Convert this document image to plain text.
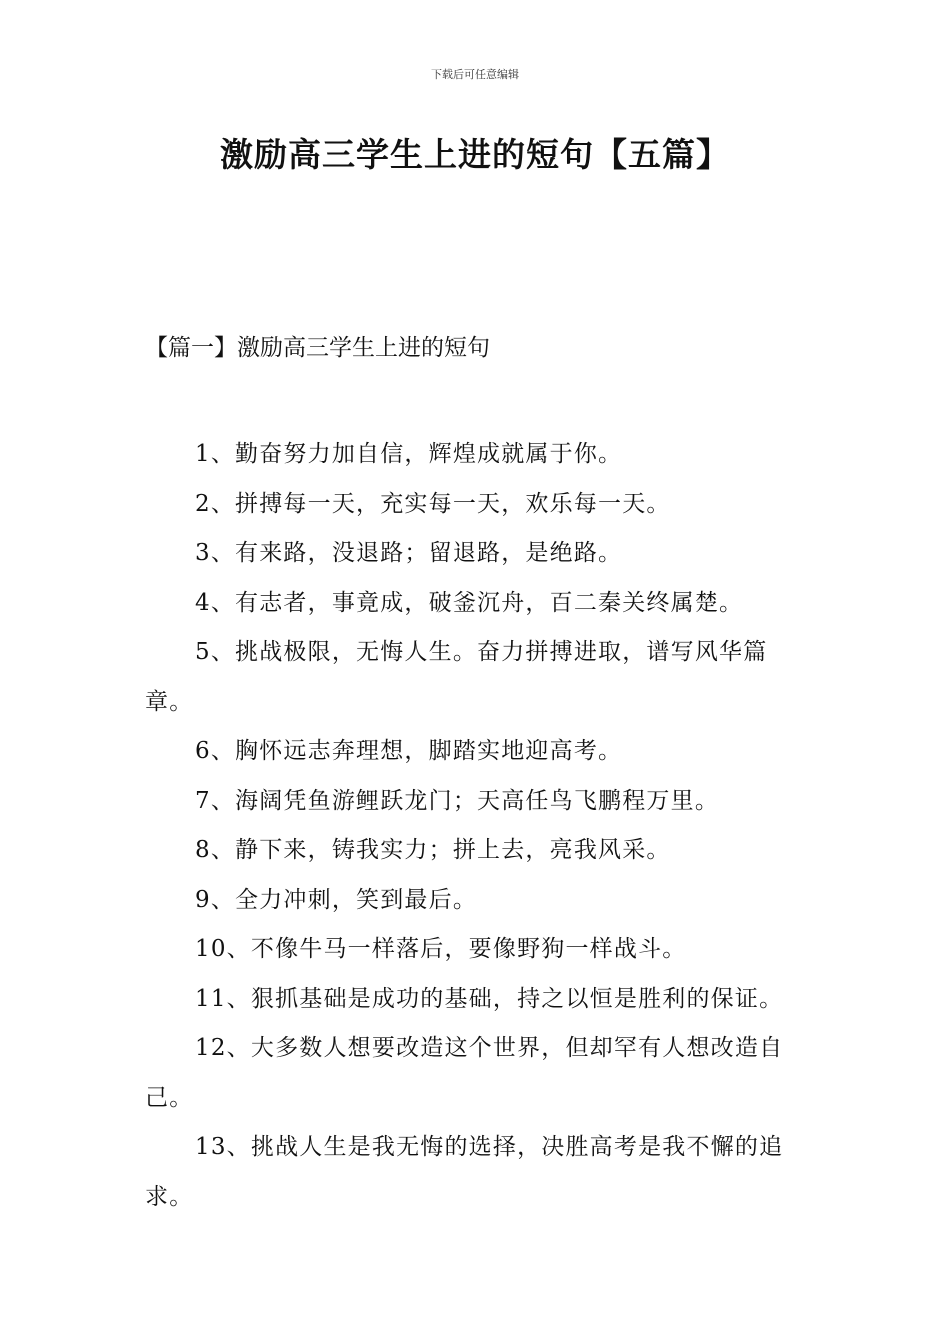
下载后可任意编辑
激励高三学生上进的短句【五篇】
【篇一】激励高三学生上进的短句
1、勤奋努力加自信，辉煌成就属于你。
2、拼搏每一天，充实每一天，欢乐每一天。
3、有来路，没退路；留退路，是绝路。
4、有志者，事竟成，破釜沉舟，百二秦关终属楚。
5、挑战极限，无悔人生。奋力拼搏进取，谱写风华篇章。
6、胸怀远志奔理想，脚踏实地迎高考。
7、海阔凭鱼游鲤跃龙门；天高任鸟飞鹏程万里。
8、静下来，铸我实力；拼上去，亮我风采。
9、全力冲刺，笑到最后。
10、不像牛马一样落后，要像野狗一样战斗。
11、狠抓基础是成功的基础，持之以恒是胜利的保证。
12、大多数人想要改造这个世界，但却罕有人想改造自己。
13、挑战人生是我无悔的选择，决胜高考是我不懈的追求。
